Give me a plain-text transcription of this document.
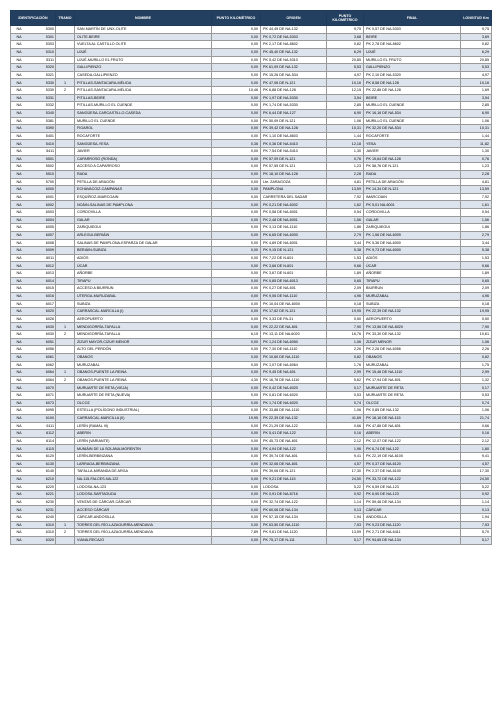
IDENTIFICACIÓN	TRAMO	NOMBRE	PUNTO KILOMÉTRICO	ORIGEN	PUNTO KILOMÉTRICO	FINAL	LONGITUD Km
NA 5300		SAN MARTÍN DE UNX-OLITE	0,00	PK 44,49 DE NA-132	9,75	PK 0,57 DE NA-5303	9,75
NA 5301		OLITE-BEIRE	0,00	PK 0,72 DE NA-5303	3,68	BEIRE	3,69
NA 5303		VUELTA AL CASTILLO OLITE	0,00	PK 2,17 DE NA-8602	0,82	PK 2,78 DE NA-8602	0,82
NA 5310		UJUÉ	0,00	PK 45,40 DE NA-132	6,29	UJUÉ	6,29
NA 5311		UJUÉ-MURILLO EL FRUTO	0,00	PK 5,42 DE NA-5310	20,85	MURILLO EL FRUTO	20,85
NA 5320		GALLIPIENZO	0,00	PK 61,09 DE NA-132	5,53	GALLIPIENZO	5,53
NA 5321		CASEDA-GALLIPIENZO	0,00	PK 15,26 DE NA-534	4,97	PK 2,10 DE NA-5320	4,97
NA 5330	1	PITILLAS-SANTACARA-MÉLIDA	0,00	PK 47,06 DE N-121	10,16	PK 8,58 DE NA-128	10,16
NA 5330	2	PITILLAS-SANTACARA-MÉLIDA	10,46	PK 6,88 DE NA-128	12,15	PK 22,86 DE NA-128	1,69
NA 5331		PITILLAS-BEIRE	0,00	PK 1,97 DE NA-5330	3,54	BEIRE	3,54
NA 5332		PITILLAS-MURILLO EL CUENDE	0,00	PK 1,74 DE NA-5330	2,85	MURILLO EL CUENDE	2,85
NA 5340		SANGÜESA-CARCASTILLO-CASEDA	0,00	PK 6,44 DE NA-127	6,90	PK 16,16 DE NA-534	6,90
NA 5381		MURILLO EL CUENDE	0,00	PK 50,09 DE N-121	1,06	MURILLO EL CUENDE	1,06
NA 5390		FIGAROL	0,00	PK 39,42 DE NA-128	10,31	PK 32,20 DE NA-534	10,31
NA 5401		ROCAFORTE	0,00	PK 1,10 DE NA-8603	1,44	ROCAFORTE	1,44
NA 5410		SANGÜESA-YESA	0,36	PK 0,36 DE NA-5410	12,18	YESA	11,82
NA 5411		JAVIER	0,00	PK 7,54 DE NA-5410	1,30	JAVIER	1,30
NA 5501		CAPARROSO (RONDA)	0,00	PK 57,09 DE N-121	0,76	PK 15,64 DE NA-128	0,76
NA 5502		ACCESO A CAPARROSO	0,00	PK 57,55 DE N-121	1,23	PK 58,76 DE N-121	1,23
NA 5510		RADA	0,00	PK 18,10 DE NA-128	2,28	RADA	2,28
NA 5700		PETILLA DE ARAGÓN	0,00	Lte. ZARAGOZA	4,81	PETILLA DE ARAGÓN	4,81
NA 6000		ECHAVACOIZ-CAMPANAS	0,00	PAMPLONA	13,59	PK 14,34 DE N-121	13,59
NA 6001		ESQUÍROZ-IMARCOAIN	0,00	CARRETERA DEL SADAR	7,92	IMARCOAIN	7,92
NA 6002		NOÁIN-SALINAS DE PAMPLONA	0,00	PK 0,21 DE NA-6002	1,62	PK 5,01 NA-6001	1,61
NA 6003		CORDOVILLA	0,00	PK 0,58 DE NA-6001	0,54	CORDOVILLA	0,54
NA 6004		GALAR	0,00	PK 2,48 DE NA-6001	1,56	GALAR	1,56
NA 6005		ZARIQUIEGUI	0,00	PK 3,13 DE NA-1110	1,86	ZARIQUIEGUI	1,86
NA 6007		ARLEGUI-BERIÁIN	0,00	PK 6,65 DE NA-6000	2,79	PK 1,56 DE NA-6009	2,79
NA 6008		SALINAS DE PAMPLONA-ESPARZA DE GALAR	0,00	PK 4,89 DE NA-6001	3,44	PK 5,36 DE NA-6000	3,44
NA 6009		BERIÁIN-SUBIZA	0,00	PK 9,15 DE N-121	5,38	PK 9,73 DE NA-6000	5,38
NA 6011		ADIÓS	0,00	PK 7,22 DE N-601	1,53	ADIÓS	1,53
NA 6012		ÚCAR	0,00	PK 3,66 DE N-601	0,66	ÚCAR	0,66
NA 6013		AÑORBE	0,00	PK 3,67 DE N-601	1,89	AÑORBE	1,89
NA 6014		TIRAPU	0,00	PK 0,85 DE NA-6013	0,65	TIRAPU	0,65
NA 6015		ACCESO A BIURRUN	0,00	PK 0,27 DE NA-601	2,09	BIURRUN	2,09
NA 6016		UTERGA-MURUZABAL	0,00	PK 9,06 DE NA-1110	4,96	MURUZABAL	4,96
NA 6017		SUBIZA	0,00	PK 10,04 DE NA-6000	0,18	SUBIZA	0,18
NA 6020		CARRASCAL-MARCILLA (I)	0,00	PK 17,62 DE N-121	19,95	PK 22,39 DE NA-132	19,95
NA 6026		AEROPUERTO	0,00	PK 3,33 DE PA-31	0,50	AEROPUERTO	0,50
NA 6030	1	MENDIGORRÍA-TAFALLA	0,00	PK 22,22 DE NA-601	7,90	PK 13,56 DE NA-6020	7,90
NA 6030	2	MENDIGORRÍA-TAFALLA	6,15	PK 13,11 DE NA-6020	16,76	PK 33,30 DE NA-132	10,61
NA 6051		ZIZUR MAYOR-CIZUR MENOR	0,00	PK 1,24 DE NA-6050	1,06	ZIZUR MENOR	1,06
NA 6056		ALTO DEL PERDÓN	0,00	PK 7,30 DE NA-1110	2,26	PK 2,26 DE NA-6056	2,26
NA 6061		OBANOS	0,00	PK 10,60 DE NA-1110	0,82	OBANOS	0,82
NA 6062		MURUZABAL	0,00	PK 1,07 DE NA-6064	1,76	MURUZABAL	1,75
NA 6064	1	OBANOS-PUENTE LA REINA	0,00	PK 9,45 DE NA-601	2,99	PK 15,46 DE NA-1110	2,99
NA 6064	2	OBANOS-PUENTE LA REINA	4,30	PK 16,78 DE NA-1110	5,62	PK 17,94 DE NA-601	1,32
NA 6070		MURUARTE DE RETA (VIEJA)	0,00	PK 0,42 DE NA-6020	0,17	MURUARTE DE RETA	0,17
NA 6071		MURUARTE DE RETA (NUEVA)	0,00	PK 0,81 DE NA-6020	0,53	MURUARTE DE RETA	0,53
NA 6073		OLCOZ	0,00	PK 1,74 DE NA-6020	0,74	OLCOZ	0,74
NA 6095		ESTELLA (POLÍGONO INDUSTRIAL)	0,00	PK 33,88 DE NA-1110	1,06	PK 0,85 DE NA-132	1,06
NA 6100		CARRASCAL-MARCILLA (II)	19,95	PK 22,39 DE NA-132	41,69	PK 18,16 DE NA-115	21,74
NA 6111		LERÍN (RAMAL III)	0,00	PK 21,29 DE NA-122	0,66	PK 47,86 DE NA-601	0,66
NA 6112		ABERIN	0,00	PK 5,41 DE NA-122	0,16	ABERIN	0,16
NA 6114		LERÍN (VARIANTE)	0,00	PK 45,73 DE NA-601	2,12	PK 12,07 DE NA-122	2,12
NA 6115		MUNIÁIN DE LA SOLANA-MORENTIN	0,00	PK 4,94 DE NA-122	1,96	PK 6,74 DE NA-122	1,80
NA 6120		LERÍN-BERBINZANA	0,00	PK 39,74 DE NA-601	9,41	PK 22,19 DE NA-6100	9,41
NA 6130		LARRAGA-BERBINZANA	0,00	PK 32,06 DE NA-601	4,57	PK 0,37 DE NA-6120	4,57
NA 6140		TAFALLA-MIRANDA DE ARGA	0,00	PK 39,06 DE N-121	17,30	PK 2,37 DE NA-6100	17,30
NA 6210		NA-115-FALCES-NA-122	0,00	PK 9,21 DE NA-115	24,50	PK 33,72 DE NA-122	24,50
NA 6220		LODOSA-NA-123	0,00	LODOSA	5,22	PK 6,59 DE NA-123	5,22
NA 6221		LODOSA-SARTAGUDA	0,00	PK 0,91 DE NA-8716	0,92	PK 6,90 DE NA-123	0,92
NA 6230		VENTAS DE CÁRCAR-CÁRCAR	0,00	PK 32,74 DE NA-122	1,14	PK 59,46 DE NA-134	1,14
NA 6231		ACCESO CÁRCAR	0,00	PK 60,06 DE NA-134	0,13	CÁRCAR	0,13
NA 6240		CÁRCAR-ANDOSILLA	0,00	PK 57,15 DE NA-134	1,94	ANDOSILLA	1,94
NA 6310	1	TORRES DEL RÍO-LAZAGURRÍA-MENDAVIA	0,00	PK 63,50 DE NA-1110	7,53	PK 9,23 DE NA-1120	7,53
NA 6310	2	TORRES DEL RÍO-LAZAGURRÍA-MENDAVIA	7,89	PK 9,61 DE NA-1120	13,59	PK 2,71 DE NA-6411	5,70
NA 6320		VIANA-RECAJO	0,00	PK 75,17 DE N-111	5,17	PK 94,65 DE NA-134	5,17
